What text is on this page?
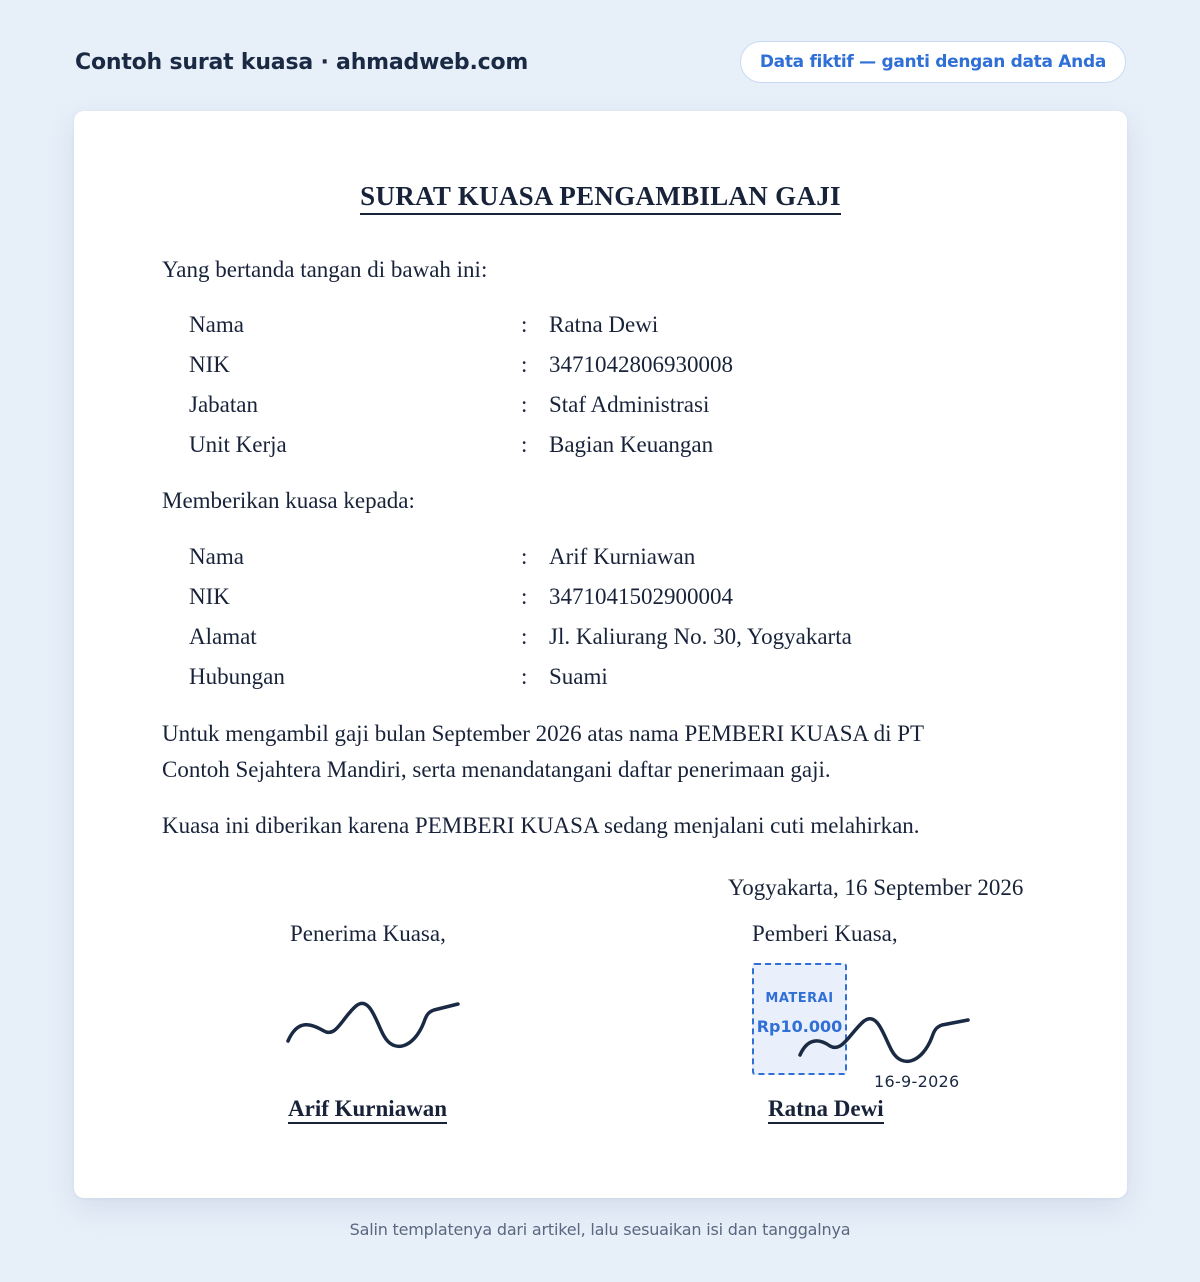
Contoh surat kuasa · ahmadweb.com	Data fiktif — ganti dengan data Anda
SURAT KUASA PENGAMBILAN GAJI
Yang bertanda tangan di bawah ini:
Nama	: Ratna Dewi
NIK	: 3471042806930008
Jabatan	: Staf Administrasi
Unit Kerja	: Bagian Keuangan
Memberikan kuasa kepada:
Nama	: Arif Kurniawan
NIK	: 3471041502900004
Alamat	: Jl. Kaliurang No. 30, Yogyakarta
Hubungan	: Suami
Untuk mengambil gaji bulan September 2026 atas nama PEMBERI KUASA di PT Contoh Sejahtera Mandiri, serta menandatangani daftar penerimaan gaji.
Kuasa ini diberikan karena PEMBERI KUASA sedang menjalani cuti melahirkan.
Yogyakarta, 16 September 2026
Penerima Kuasa,	Pemberi Kuasa,
MATERAI
Rp10.000
16-9-2026
Arif Kurniawan	Ratna Dewi
Salin templatenya dari artikel, lalu sesuaikan isi dan tanggalnya
